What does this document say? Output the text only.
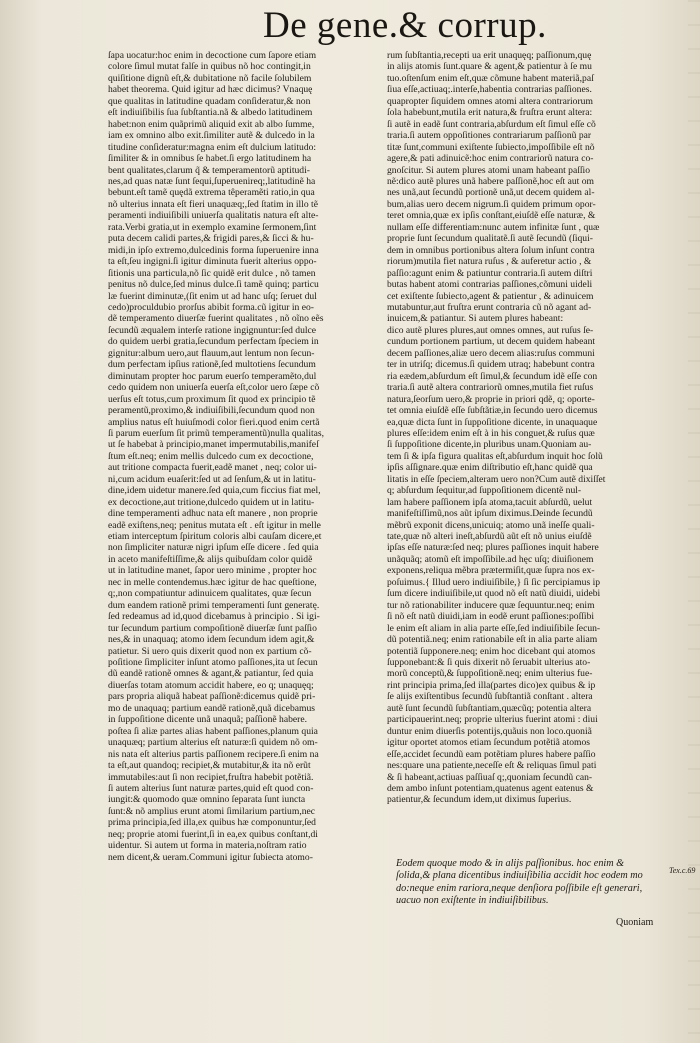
De gene.& corrup.
ſapa uocatur:hoc enim in decoctione cum ſapore etiam
colore ſimul mutat falſe in quibus nõ hoc contingit,in
quiſitione dignũ eſt,& dubitatione nõ facile ſolubilem
habet theorema. Quid igitur ad hæc dicimus? Vnaquę
que qualitas in latitudine quadam conſideratur,& non
eſt indiuiſibilis ſua ſubſtantia.nã & albedo latitudinem
habet:non enim quãprimũ aliquid exit ab albo ſumme,
iam ex omnino albo exit.ſimiliter autẽ & dulcedo in la
titudine conſideratur:magna enim eſt dulcium latitudo:
ſimiliter & in omnibus ſe habet.ſi ergo latitudinem ha
bent qualitates,clarum q̃ & temperamentorũ aptitudi-
nes,ad quas natæ ſunt ſequi,ſuperuenireq;,latitudinẽ ha
bebunt.eſt tamẽ quędã extrema têperamẽti ratio,in qua
nõ ulterius innata eſt fieri unaquæq;,ſed ſtatim in illo tẽ
peramenti indiuiſibili uniuerſa qualitatis natura eſt alte-
rata.Verbi gratia,ut in exemplo examine ſermonem,ſint
puta decem calidi partes,& frigidi pares,& ſicci & hu-
midi,in ipſo extremo,dulcedinis forma ſuperuenire inna
ta eſt,ſeu ingigni.ſi igitur diminuta fuerit alterius oppo-
ſitionis una particula,nõ ſic quidẽ erit dulce , nõ tamen
penitus nõ dulce,ſed minus dulce.ſi tamẽ quinq; particu
læ fuerint diminutæ,(ſit enim ut ad hanc uſq; ſeruet dul
cedo)proculdubio prorſus abibit forma.cũ igitur in eo-
dẽ temperamento diuerſæ fuerint qualitates , nõ oĩno eẽs
ſecundũ æqualem interſe ratione ingignuntur:ſed dulce
do quidem uerbi gratia,ſecundum perfectam ſpeciem in
gignitur:album uero,aut flauum,aut lentum non ſecun-
dum perfectam ipſius rationẽ,ſed multotiens ſecundum
diminutam propter hoc parum euerſo temperamẽto,dul
cedo quidem non uniuerſa euerſa eſt,color uero ſæpe cõ
uerſus eſt totus,cum proximum ſit quod ex principio tẽ
peramentũ,proximo,& indiuiſibili,ſecundum quod non
amplius natus eſt huiuſmodi color fieri.quod enim certã
ſi parum euerſum ſit primũ temperamentũ)nulla qualitas,
ut ſe habebat à principio,manet impermutabilis,manifeſ
ſtum eſt.neq; enim mellis dulcedo cum ex decoctione,
aut tritione compacta fuerit,eadẽ manet , neq; color ui-
ni,cum acidum euaſerit:ſed ut ad ſenſum,& ut in latitu-
dine,idem uidetur manere.ſed quia,cum ficcius fiat mel,
ex decoctione,aut tritione,dulcedo quidem ut in latitu-
dine temperamenti adhuc nata eſt manere , non proprie
eadẽ exiſtens,neq; penitus mutata eſt . eſt igitur in melle
etiam interceptum ſpiritum coloris albi cauſam dicere,et
non ſimpliciter naturæ nigri ipſum eſſe dicere . ſed quia
in aceto manifeſtiſſime,& alijs quibuſdam color quidẽ
ut in latitudine manet, ſapor uero minime , propter hoc
nec in melle contendemus.hæc igitur de hac queſtione,
q;,non compatiuntur adinuicem qualitates, quæ ſecun
dum eandem rationẽ primi temperamenti ſunt generatę.
ſed redeamus ad id,quod dicebamus à principio . Si igi-
tur ſecundum partium compoſitionẽ diuerſæ ſunt paſſio
nes,& in unaquaq; atomo idem ſecundum idem agit,&
patietur. Si uero quis dixerit quod non ex partium cõ-
poſitione ſimpliciter inſunt atomo paſſiones,ita ut ſecun
dũ eandẽ rationẽ omnes & agant,& patiantur, ſed quia
diuerſas totam atomum accidit habere, eo q; unaquęq;
pars propria aliquã habeat paſſionẽ:dicemus quidẽ pri-
mo de unaquaq; partium eandẽ rationẽ,quã dicebamus
in ſuppoſitione dicente unã unaquã; paſſionẽ habere.
poſtea ſi aliæ partes alias habent paſſiones,planum quia
unaquæq; partium alterius eſt naturæ:ſi quidem nõ om-
nis nata eſt alterius partis paſſionem recipere.ſi enim na
ta eſt,aut quandoq; recipiet,& mutabitur,& ita nõ erũt
immutabiles:aut ſi non recipiet,fruſtra habebit potẽtiã.
ſi autem alterius ſunt naturæ partes,quid eſt quod con-
iungit:& quomodo quæ omnino ſeparata ſunt iuncta
ſunt:& nõ amplius erunt atomi ſimilarium partium,nec
prima principia,ſed illa,ex quibus hæ componuntur,ſed
neq; proprie atomi fuerint,ſi in ea,ex quibus conſtant,di
uidentur. Si autem ut forma in materia,noſtram ratio
nem dicent,& ueram.Communi igitur ſubiecta atomo-
rum ſubſtantia,recepti ua erit unaquęq; paſſionum,quę
in alijs atomis ſunt.quare & agent,& patientur à ſe mu
tuo.oſtenſum enim eſt,quæ cõmune habent materiã,paſ
ſiua eſſe,actiuaq;.interſe,habentia contrarias paſſiones.
quapropter ſiquidem omnes atomi altera contrariorum
ſola habebunt,mutila erit natura,& fruſtra erunt altera:
ſi autẽ in eadẽ ſunt contraria,abſurdum eſt ſimul eſſe cõ
traria.ſi autem oppoſitiones contrariarum paſſionũ par
titæ ſunt,communi exiſtente ſubiecto,impoſſibile eſt nõ
agere,& pati adinuicẽ:hoc enim contrariorũ natura co-
gnoſcitur. Si autem plures atomi unam habeant paſſio
nẽ:dico autẽ plures unã habere paſſionẽ,hoc eſt aut om
nes unã,aut ſecundũ portionẽ unã,ut decem quidem al-
bum,alias uero decem nigrum.ſi quidem primum opor-
teret omnia,quæ ex ipſis conſtant,eiuſdẽ eſſe naturæ, &
nullam eſſe differentiam:nunc autem infinitæ ſunt , quæ
proprie ſunt ſecundum qualitatẽ.ſi autẽ ſecundũ (ſiqui-
dem in omnibus portionibus altera ſolum inſunt contra
riorum)mutila fiet natura ruſus , & auferetur actio , &
paſſio:agunt enim & patiuntur contraria.ſi autem diſtri
butas habent atomi contrarias paſſiones,cõmuni uideli
cet exiſtente ſubiecto,agent & patientur , & adinuicem
mutabuntur,aut fruſtra erunt contraria cũ nõ agant ad-
inuicem,& patiantur. Si autem plures habeant:
dico autẽ plures plures,aut omnes omnes, aut ruſus ſe-
cundum portionem partium, ut decem quidem habeant
decem paſſiones,aliæ uero decem alias:ruſus communi
ter in utriſq; dicemus.ſi quidem utraq; habebunt contra
ria eædem,abſurdum eſt ſimul,& ſecundum idẽ eſſe con
traria.ſi autẽ altera contrariorũ omnes,mutila fiet ruſus
natura,ſeorſum uero,& proprie in priori qdẽ, q; oporte-
tet omnia eiuſdẽ eſſe ſubſtãtiæ,in ſecundo uero dicemus
ea,quæ dicta ſunt in ſuppoſitione dicente, in unaquaque
plures eſſe:idem enim eſt à in his conguet,& ruſus quæ
ſi ſuppoſitione dicente,in pluribus unam.Quoniam au-
tem ſi & ipſa figura qualitas eſt,abſurdum inquit hoc ſolũ
ipſis aſſignare.quæ enim diſtributio eſt,hanc quidẽ qua
litatis in eſſe ſpeciem,alteram uero non?Cum autẽ dixiſſet
q; abſurdum ſequitur,ad ſuppoſitionem dicentẽ nul-
lam habere paſſionem ipſa atoma,tacuit abſurdũ, uelut
manifeſtiſſimũ,nos aũt ipſum diximus.Deinde ſecundũ
mẽbrũ exponit dicens,unicuiq; atomo unã ineſſe quali-
tate,quæ nõ alteri ineſt,abſurdũ aũt eſt nõ unius eiuſdẽ
ipſas eſſe naturæ:ſed neq; plures paſſiones inquit habere
unãquãq; atomũ eſt impoſſibile.ad hęc uſq; diuiſionem
exponens,reliqua mẽbra prætermiſit,quæ ſupra nos ex-
poſuimus.{ Illud uero indiuiſibile,} ſi ſic percipiamus ip
ſum dicere indiuiſibile,ut quod nõ eſt natũ diuidi, uidebi
tur nõ rationabiliter inducere quæ ſequuntur.neq; enim
ſi nõ eſt natũ diuidi,iam in eodẽ erunt paſſiones:poſſibi
le enim eſt aliam in alia parte eſſe,ſed indiuiſibile ſecun-
dũ potentiã.neq; enim rationabile eſt in alia parte aliam
potentiã ſupponere.neq; enim hoc dicebant qui atomos
ſupponebant:& ſi quis dixerit nõ ſeruabit ulterius ato-
morũ conceptũ,& ſuppoſitionẽ.neq; enim ulterius fue-
rint principia prima,ſed illa(partes dico)ex quibus & ip
ſe alijs exiſtentibus ſecundũ ſubſtantiã conſtant . altera
autẽ ſunt ſecundũ ſubſtantiam,quæcũq; potentia altera
participauerint.neq; proprie ulterius fuerint atomi : diui
duntur enim diuerſis potentijs,quãuis non loco.quoniã
igitur oportet atomos etiam ſecundum potẽtiã atomos
eſſe,accidet ſecundũ eam potẽtiam plures habere paſſio
nes:quare una patiente,neceſſe eſt & reliquas ſimul pati
& ſi habeant,actiuas paſſiuaſ q;,quoniam ſecundũ can-
dem ambo inſunt potentiam,quatenus agent eatenus &
patientur,& ſecundum idem,ut diximus ſuperius.
Eodem quoque modo & in alijs paſſionibus. hoc enim &
ſolida,& plana dicentibus indiuiſibilia accidit hoc eodem mo
do:neque enim rariora,neque denſiora poſſibile eſt generari,
uacuo non exiſtente in indiuiſibilibus.
Tex.c.69
Quoniam
